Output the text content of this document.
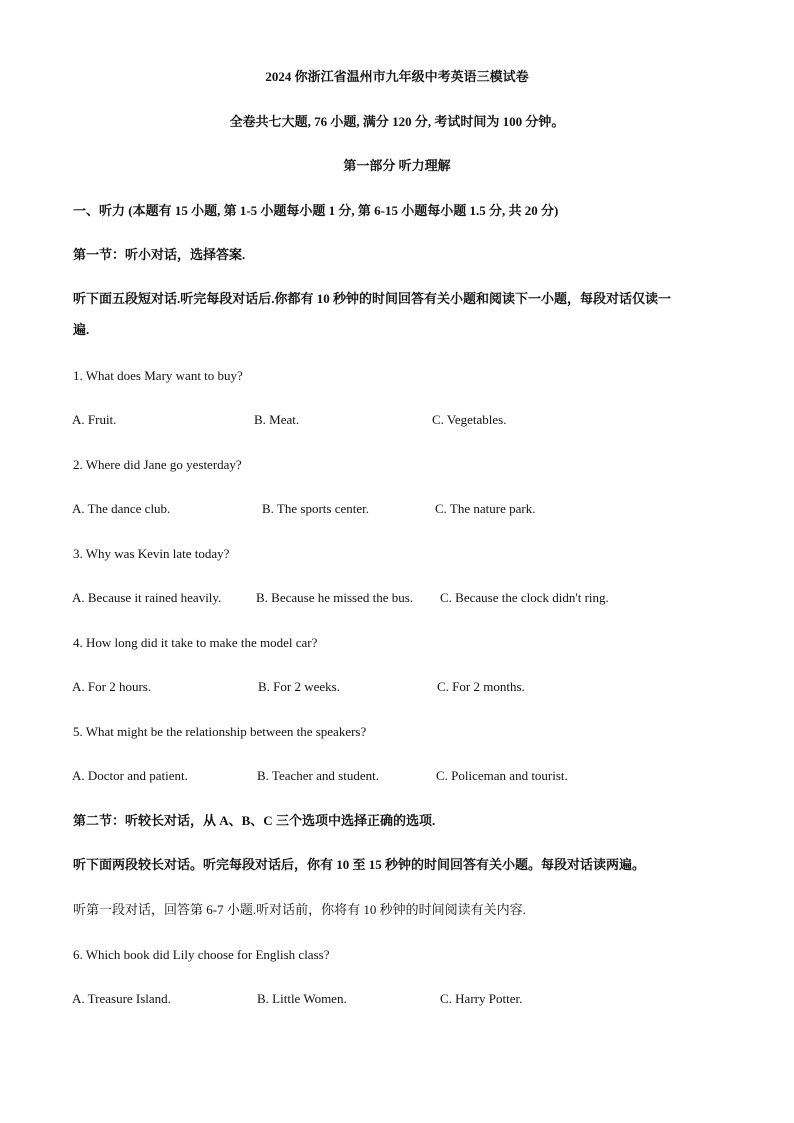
2024 你浙江省温州市九年级中考英语三模试卷
全卷共七大题, 76 小题, 满分 120 分, 考试时间为 100 分钟。
第一部分 听力理解
一、听力 (本题有 15 小题, 第 1-5 小题每小题 1 分, 第 6-15 小题每小题 1.5 分, 共 20 分)
第一节：听小对话，选择答案.
听下面五段短对话.听完每段对话后.你都有 10 秒钟的时间回答有关小题和阅读下一小题，每段对话仅读一
遍.
1. What does Mary want to buy?
A. Fruit.	B. Meat.	C. Vegetables.
2. Where did Jane go yesterday?
A. The dance club.	B. The sports center.	C. The nature park.
3. Why was Kevin late today?
A. Because it rained heavily.	B. Because he missed the bus. C. Because the clock didn't ring.
4. How long did it take to make the model car?
A. For 2 hours.	B. For 2 weeks.	C. For 2 months.
5. What might be the relationship between the speakers?
A. Doctor and patient.	B. Teacher and student.	C. Policeman and tourist.
第二节：听较长对话，从 A、B、C 三个选项中选择正确的选项.
听下面两段较长对话。听完每段对话后，你有 10 至 15 秒钟的时间回答有关小题。每段对话读两遍。
听第一段对话，回答第 6-7 小题.听对话前，你将有 10 秒钟的时间阅读有关内容.
6. Which book did Lily choose for English class?
A. Treasure Island.	B. Little Women.	C. Harry Potter.
